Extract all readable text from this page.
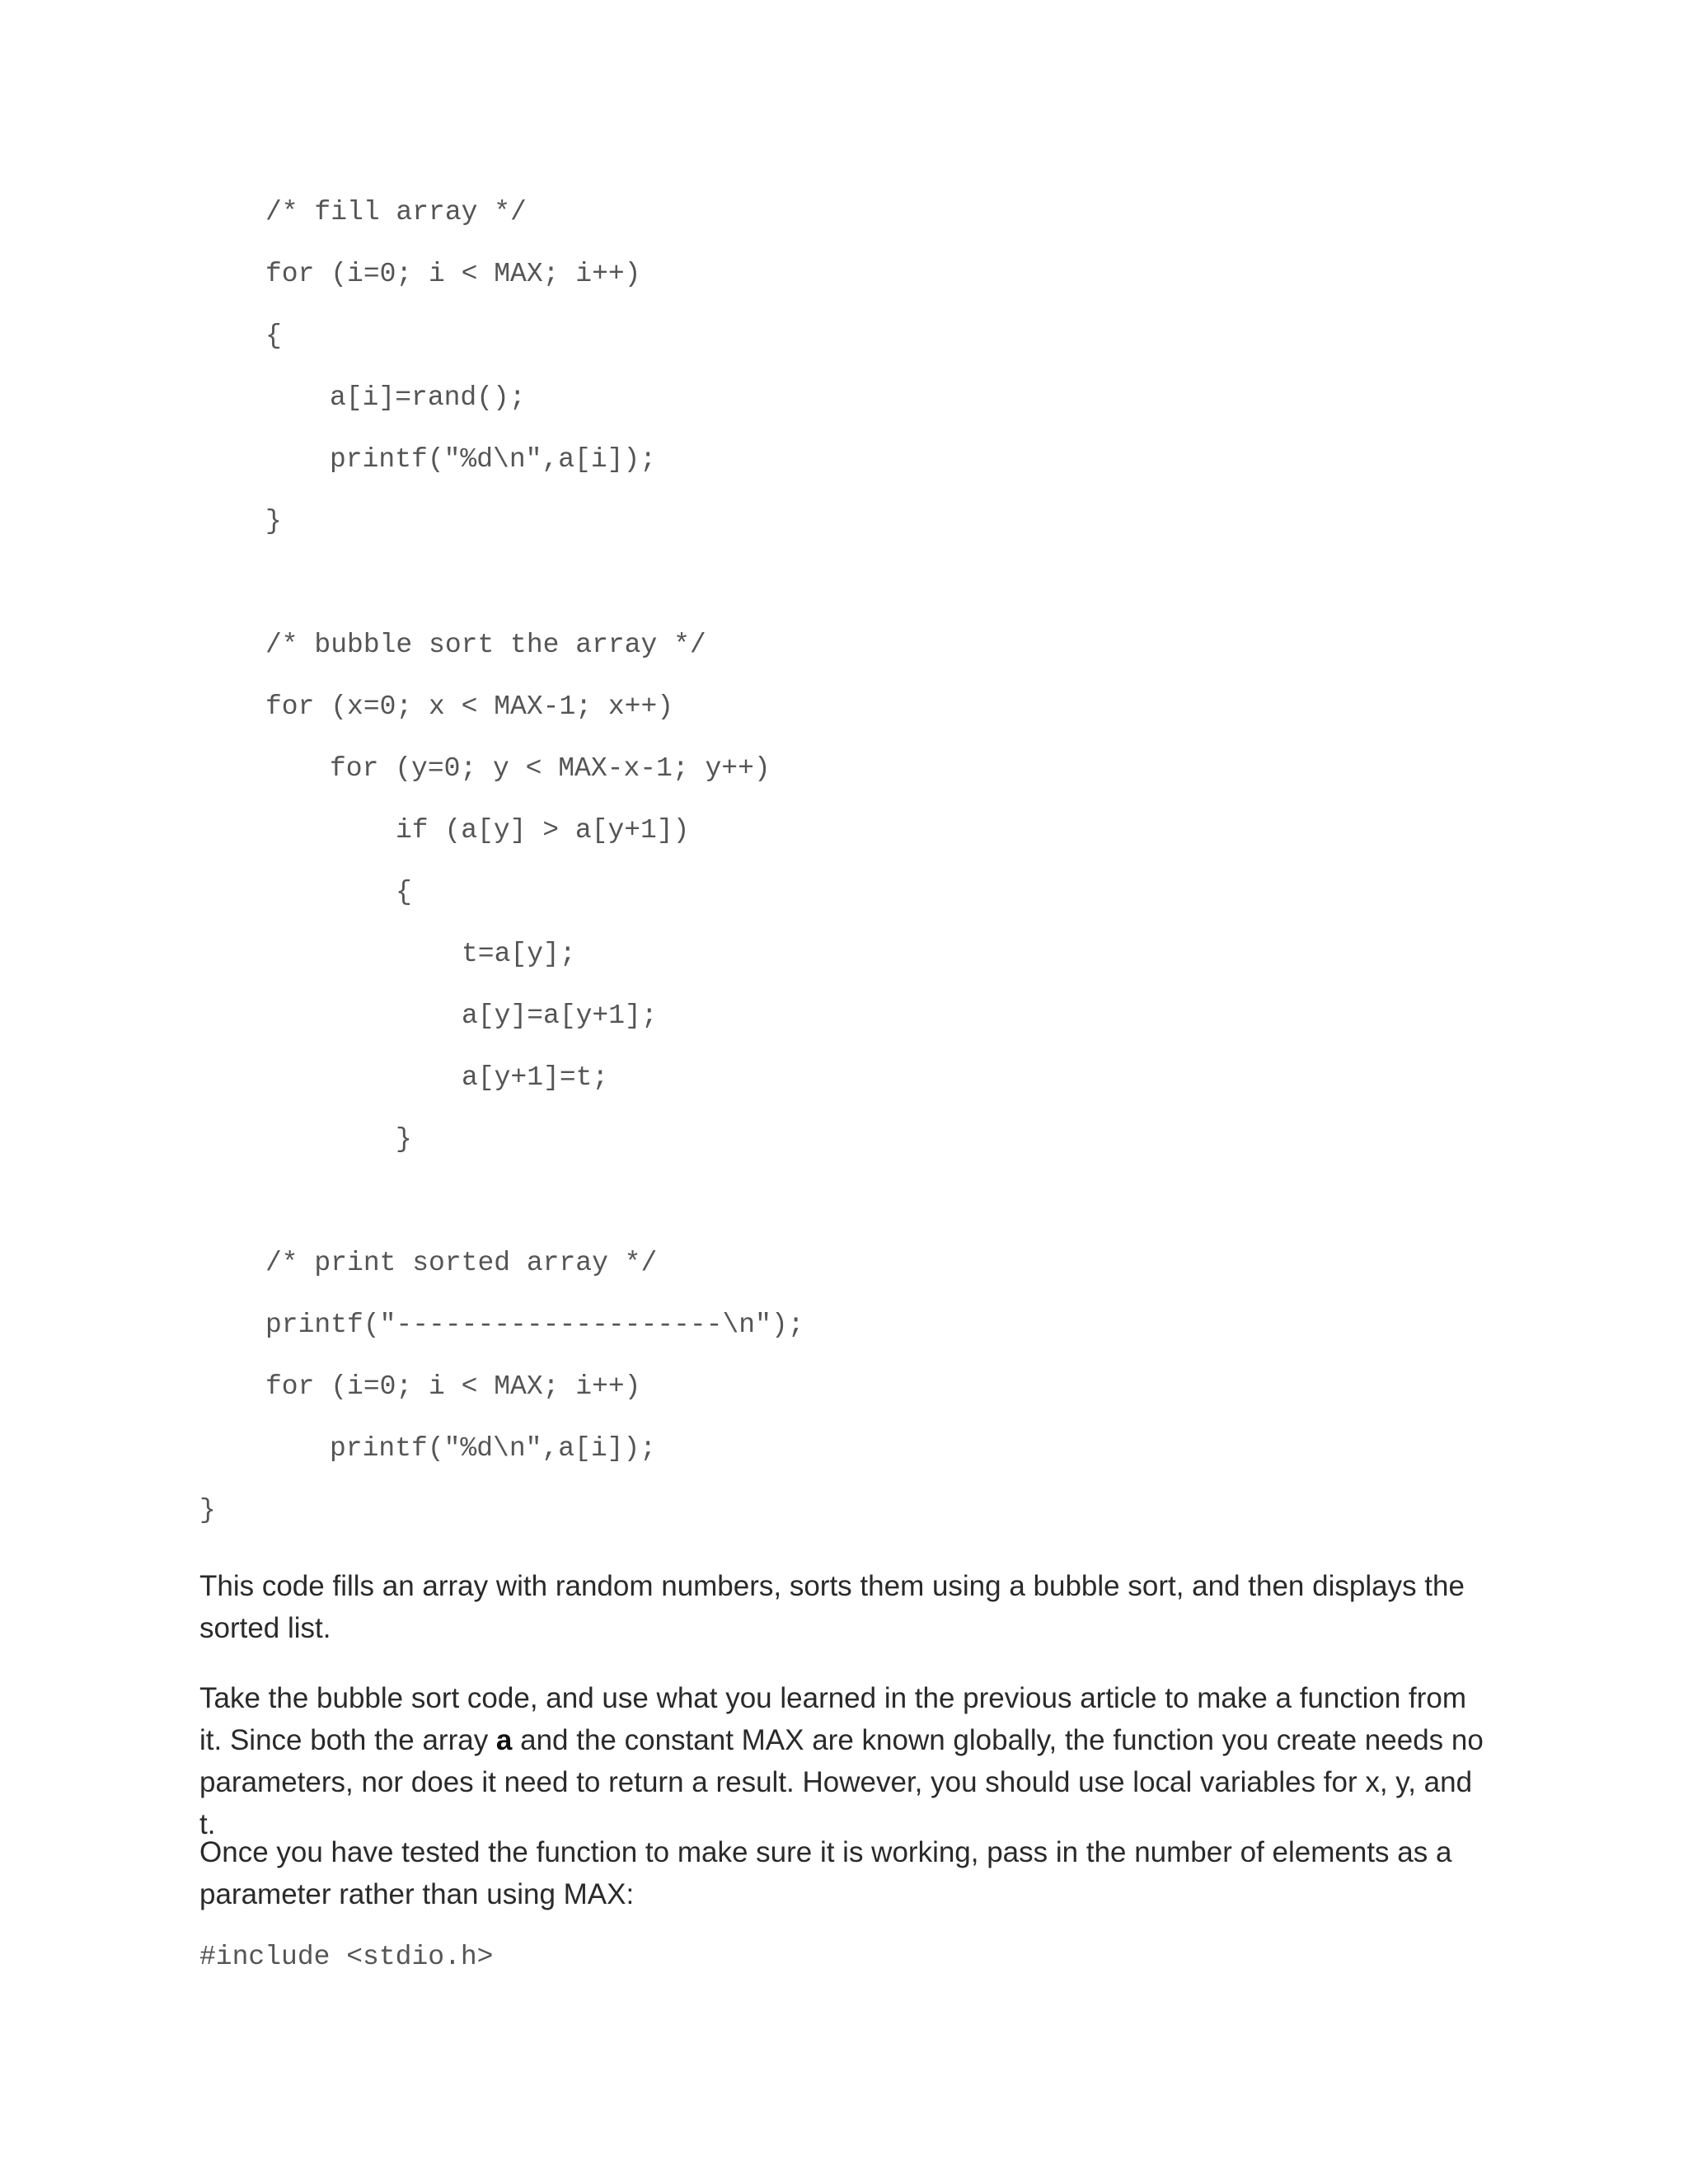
/* fill array */

for (i=0; i < MAX; i++)

{

a[i]=rand();

printf("%d\n",a[i]);

}

/* bubble sort the array */

for (x=0; x < MAX-1; x++)

for (y=0; y < MAX-x-1; y++)

if (a[y] > a[y+1])

{

t=a[y];

a[y]=a[y+1];

a[y+1]=t;

}

/* print sorted array */

printf("--------------------\n");

for (i=0; i < MAX; i++)

printf("%d\n",a[i]);

}

This code fills an array with random numbers, sorts them using a bubble sort, and then displays the sorted list.

Take the bubble sort code, and use what you learned in the previous article to make a function from it. Since both the array a and the constant MAX are known globally, the function you create needs no parameters, nor does it need to return a result. However, you should use local variables for x, y, and t.

Once you have tested the function to make sure it is working, pass in the number of elements as a parameter rather than using MAX:

#include <stdio.h>
